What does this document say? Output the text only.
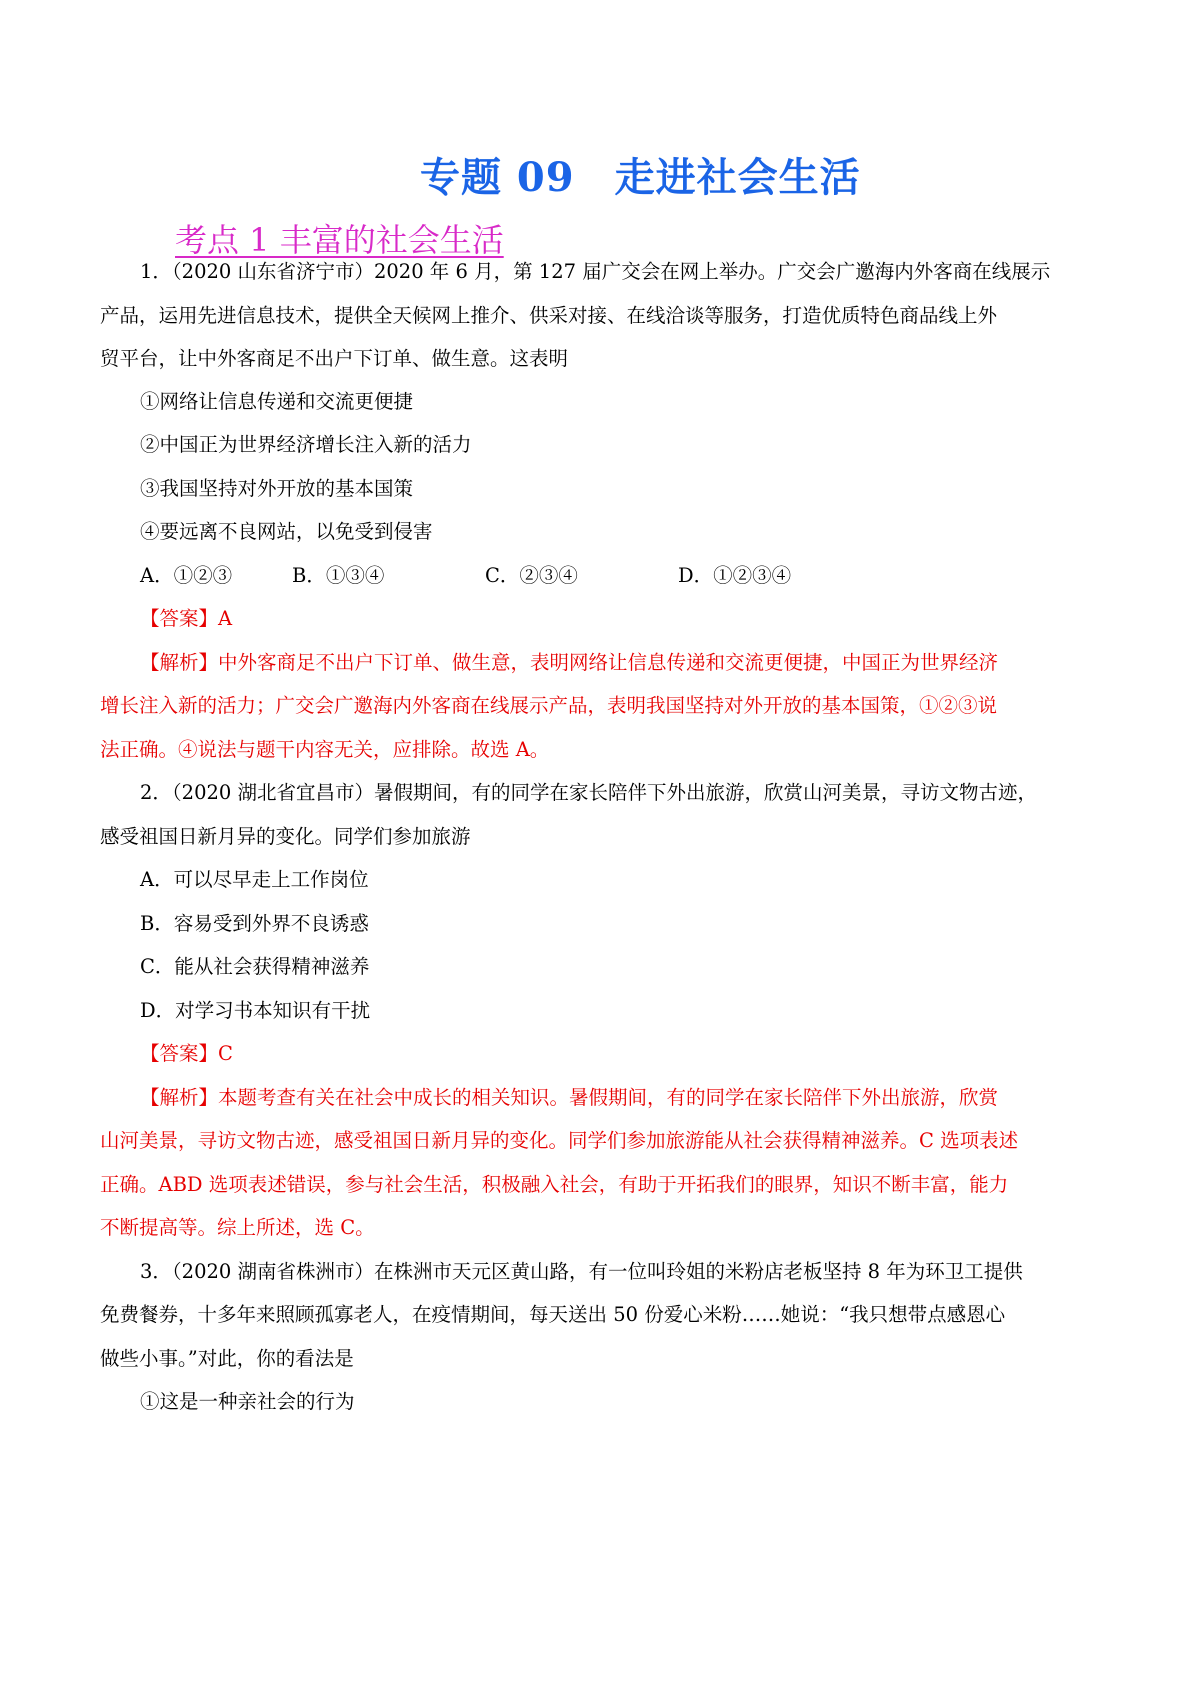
专题 09 走进社会生活
考点 1 丰富的社会生活
1．（2020 山东省济宁市）2020 年 6 月，第 127 届广交会在网上举办。广交会广邀海内外客商在线展示
产品，运用先进信息技术，提供全天候网上推介、供采对接、在线洽谈等服务，打造优质特色商品线上外
贸平台，让中外客商足不出户下订单、做生意。这表明
①网络让信息传递和交流更便捷
②中国正为世界经济增长注入新的活力
③我国坚持对外开放的基本国策
④要远离不良网站，以免受到侵害
A．①②③	B．①③④	C．②③④	D．①②③④
【答案】A
【解析】中外客商足不出户下订单、做生意，表明网络让信息传递和交流更便捷，中国正为世界经济
增长注入新的活力；广交会广邀海内外客商在线展示产品，表明我国坚持对外开放的基本国策，①②③说
法正确。④说法与题干内容无关，应排除。故选 A。
2．（2020 湖北省宜昌市）暑假期间，有的同学在家长陪伴下外出旅游，欣赏山河美景，寻访文物古迹，
感受祖国日新月异的变化。同学们参加旅游
A．可以尽早走上工作岗位
B．容易受到外界不良诱惑
C．能从社会获得精神滋养
D．对学习书本知识有干扰
【答案】C
【解析】本题考查有关在社会中成长的相关知识。暑假期间，有的同学在家长陪伴下外出旅游，欣赏
山河美景，寻访文物古迹，感受祖国日新月异的变化。同学们参加旅游能从社会获得精神滋养。C 选项表述
正确。ABD 选项表述错误，参与社会生活，积极融入社会，有助于开拓我们的眼界，知识不断丰富，能力
不断提高等。综上所述，选 C。
3．（2020 湖南省株洲市）在株洲市天元区黄山路，有一位叫玲姐的米粉店老板坚持 8 年为环卫工提供
免费餐券，十多年来照顾孤寡老人，在疫情期间，每天送出 50 份爱心米粉……她说：“我只想带点感恩心
做些小事。”对此，你的看法是
①这是一种亲社会的行为
